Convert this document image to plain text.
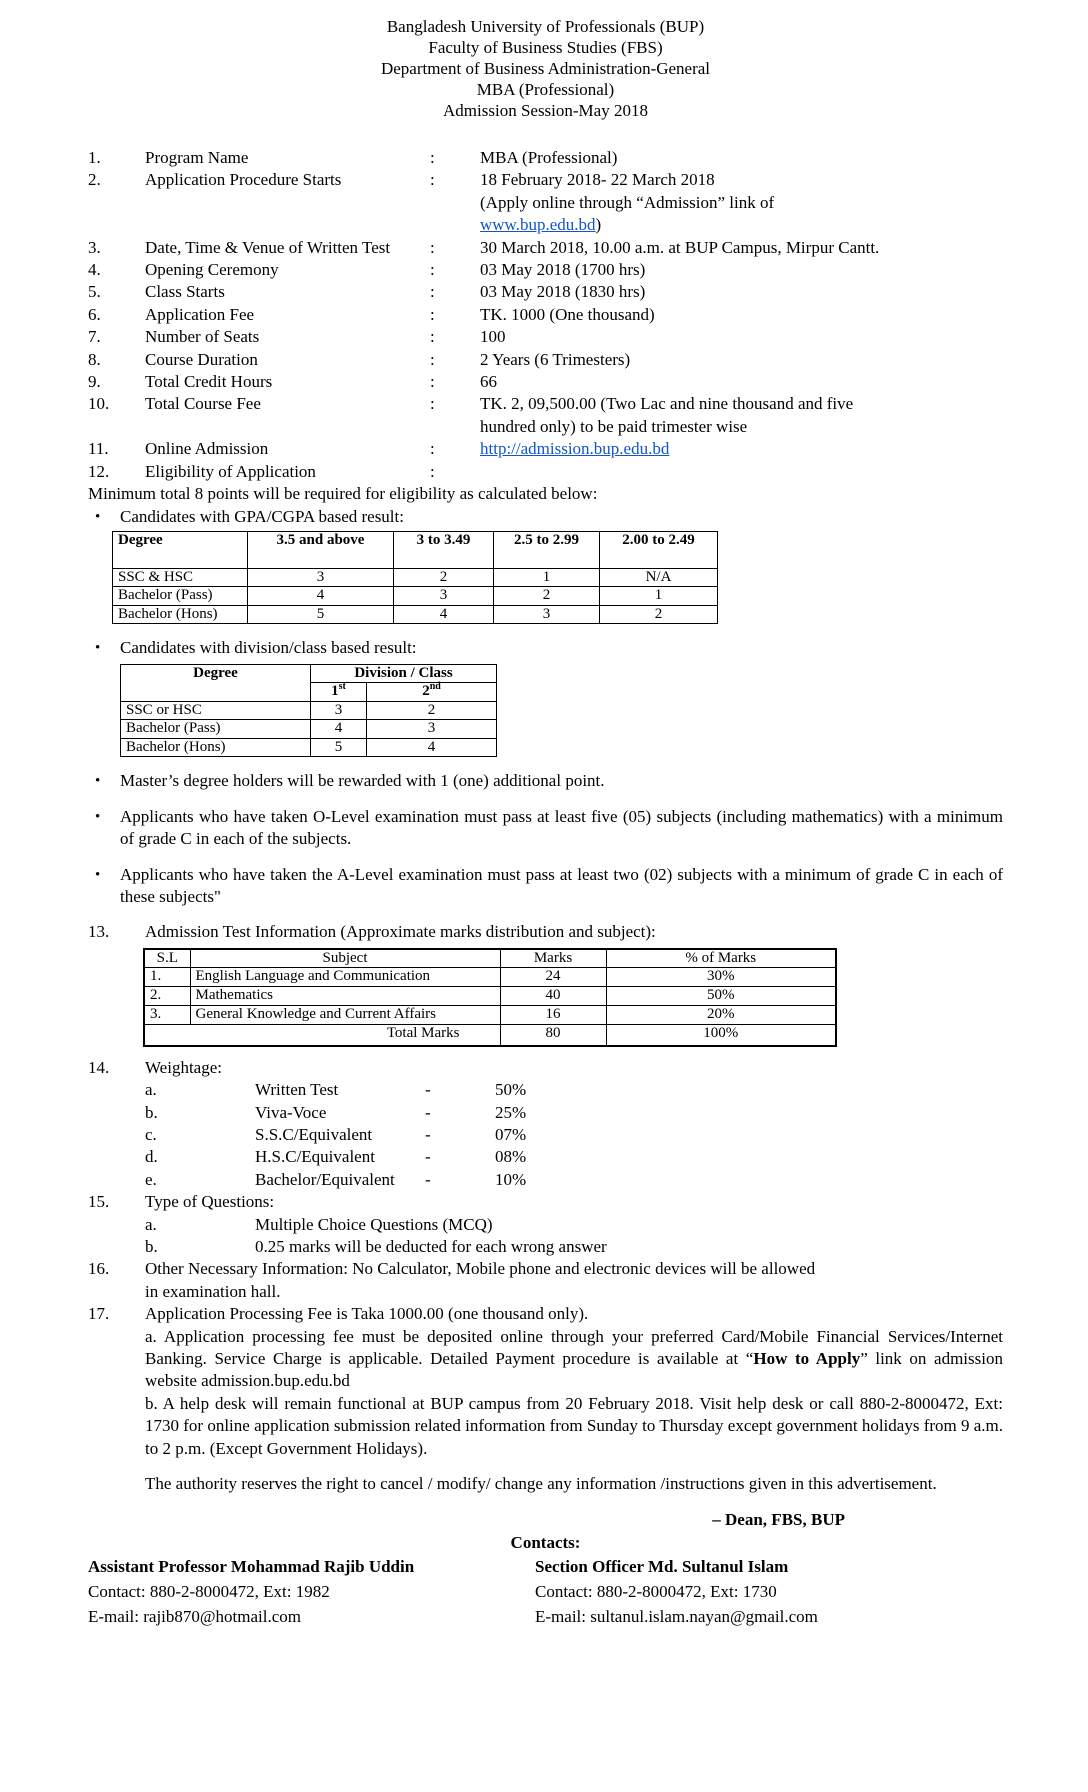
Bangladesh University of Professionals (BUP)
Faculty of Business Studies (FBS)
Department of Business Administration-General
MBA (Professional)
Admission Session-May 2018
1.	Program Name	:	MBA (Professional)
2.	Application Procedure Starts	:	18 February 2018- 22 March 2018
(Apply online through “Admission” link of
www.bup.edu.bd)
3.	Date, Time & Venue of Written Test	:	30 March 2018, 10.00 a.m. at BUP Campus, Mirpur Cantt.
4.	Opening Ceremony	:	03 May 2018 (1700 hrs)
5.	Class Starts	:	03 May 2018 (1830 hrs)
6.	Application Fee	:	TK. 1000 (One thousand)
7.	Number of Seats	:	100
8.	Course Duration	:	2 Years (6 Trimesters)
9.	Total Credit Hours	:	66
10.	Total Course Fee	:	TK. 2, 09,500.00 (Two Lac and nine thousand and five
hundred only) to be paid trimester wise
11.	Online Admission	:	http://admission.bup.edu.bd
12.	Eligibility of Application	:
Minimum total 8 points will be required for eligibility as calculated below:
• Candidates with GPA/CGPA based result:
Degree	3.5 and above	3 to 3.49	2.5 to 2.99	2.00 to 2.49
SSC & HSC	3	2	1	N/A
Bachelor (Pass)	4	3	2	1
Bachelor (Hons)	5	4	3	2
• Candidates with division/class based result:
Degree	Division / Class	
	1st	2nd
SSC or HSC	3	2
Bachelor (Pass)	4	3
Bachelor (Hons)	5	4
• Master’s degree holders will be rewarded with 1 (one) additional point.
• Applicants who have taken O-Level examination must pass at least five (05) subjects (including mathematics) with a minimum of grade C in each of the subjects.
• Applicants who have taken the A-Level examination must pass at least two (02) subjects with a minimum of grade C in each of these subjects"
13.	Admission Test Information (Approximate marks distribution and subject):
S.L	Subject	Marks	% of Marks
1.	English Language and Communication	24	30%
2.	Mathematics	40	50%
3.	General Knowledge and Current Affairs	16	20%
Total Marks		80	100%
14.	Weightage:
a.	Written Test	-	50%
b.	Viva-Voce	-	25%
c.	S.S.C/Equivalent	-	07%
d.	H.S.C/Equivalent	-	08%
e.	Bachelor/Equivalent	-	10%
15.	Type of Questions:
a.	Multiple Choice Questions (MCQ)
b.	0.25 marks will be deducted for each wrong answer
16.	Other Necessary Information: No Calculator, Mobile phone and electronic devices will be allowed
in examination hall.
17.	Application Processing Fee is Taka 1000.00 (one thousand only).
a. Application processing fee must be deposited online through your preferred Card/Mobile Financial Services/Internet Banking. Service Charge is applicable. Detailed Payment procedure is available at “How to Apply” link on admission website admission.bup.edu.bd
b. A help desk will remain functional at BUP campus from 20 February 2018. Visit help desk or call 880-2-8000472, Ext: 1730 for online application submission related information from Sunday to Thursday except government holidays from 9 a.m. to 2 p.m. (Except Government Holidays).
The authority reserves the right to cancel / modify/ change any information /instructions given in this advertisement.
– Dean, FBS, BUP
Contacts:
Assistant Professor Mohammad Rajib Uddin
Contact: 880-2-8000472, Ext: 1982
E-mail: rajib870@hotmail.com
Section Officer Md. Sultanul Islam
Contact: 880-2-8000472, Ext: 1730
E-mail: sultanul.islam.nayan@gmail.com
